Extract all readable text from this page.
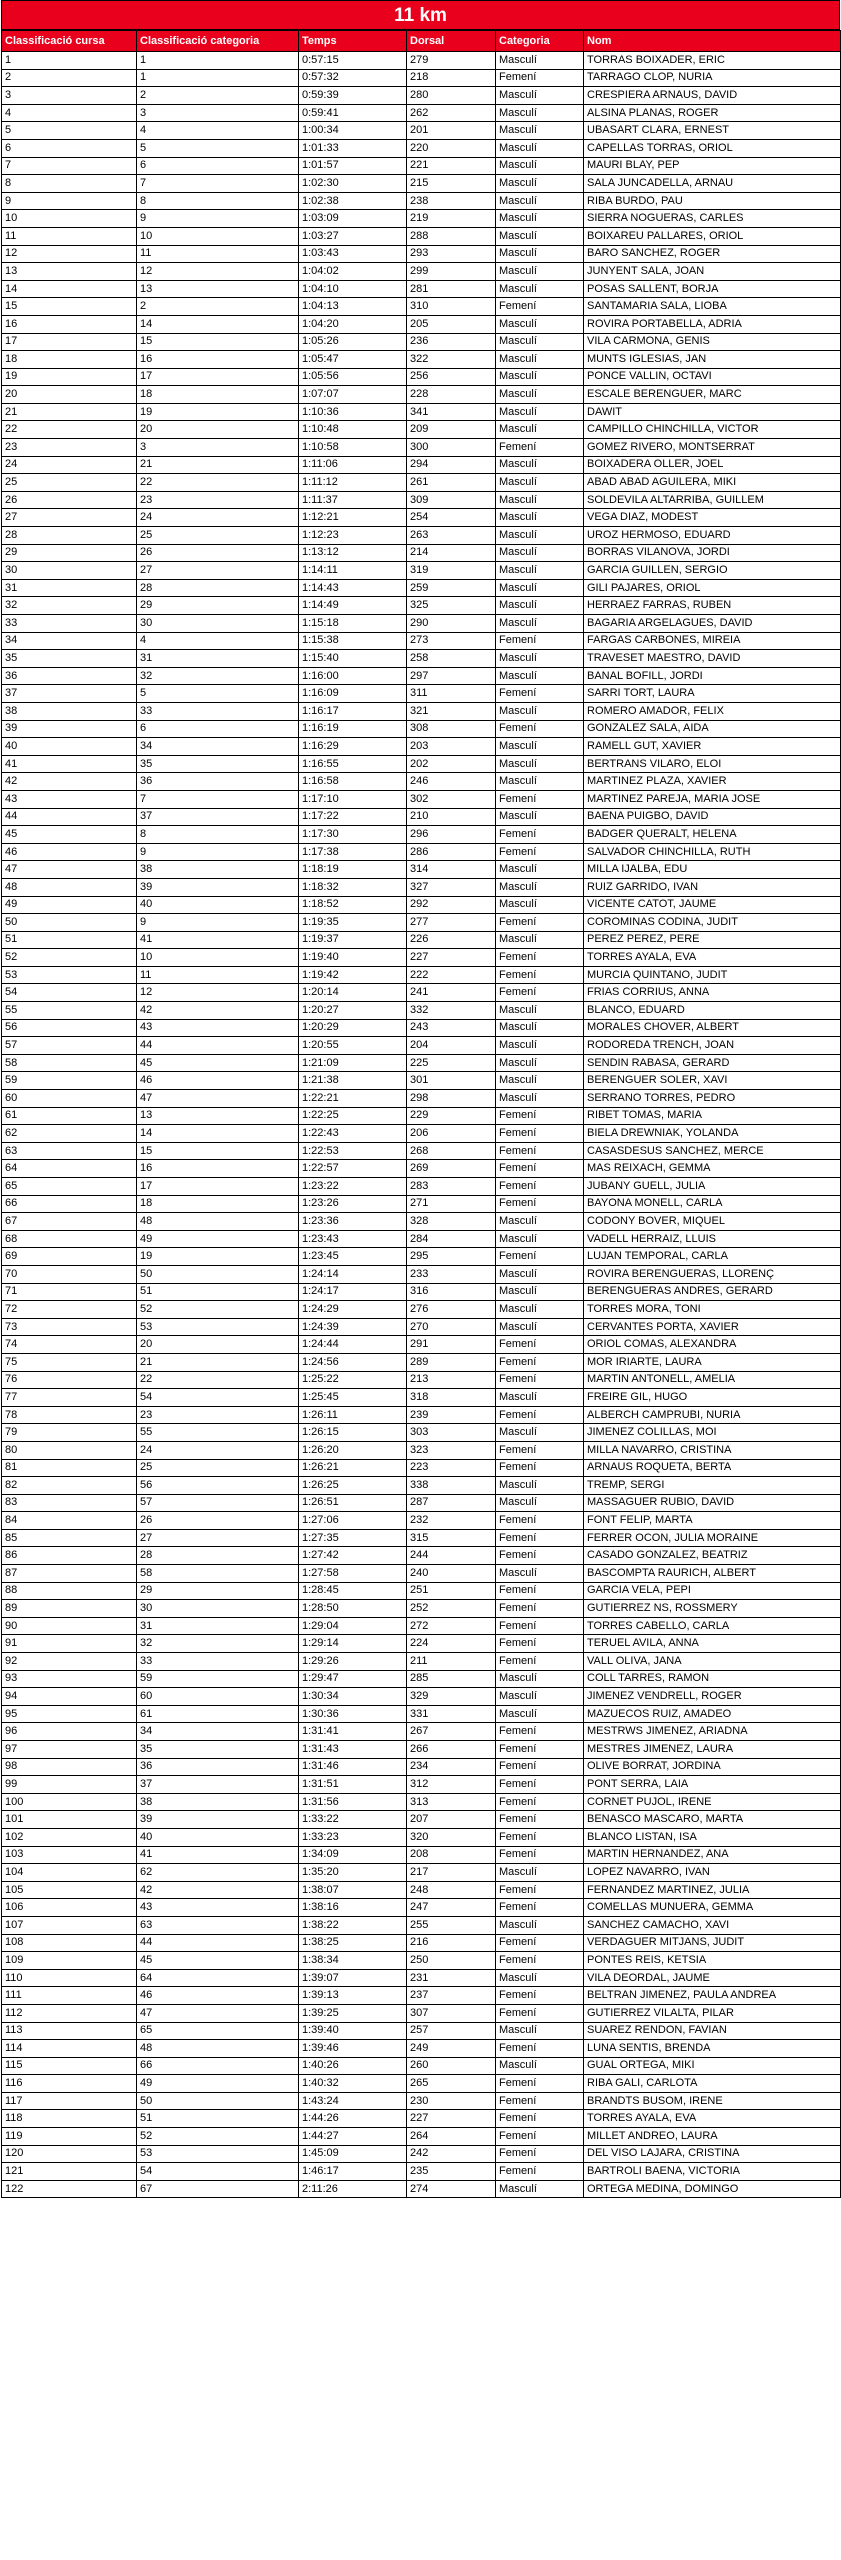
11 km
Classificació cursa	Classificació categoria	Temps	Dorsal	Categoria	Nom
1	1	0:57:15	279	Masculí	TORRAS BOIXADER, ERIC
2	1	0:57:32	218	Femení	TARRAGO CLOP, NURIA
3	2	0:59:39	280	Masculí	CRESPIERA ARNAUS, DAVID
4	3	0:59:41	262	Masculí	ALSINA PLANAS, ROGER
5	4	1:00:34	201	Masculí	UBASART CLARA, ERNEST
6	5	1:01:33	220	Masculí	CAPELLAS TORRAS, ORIOL
7	6	1:01:57	221	Masculí	MAURI BLAY, PEP
8	7	1:02:30	215	Masculí	SALA JUNCADELLA, ARNAU
9	8	1:02:38	238	Masculí	RIBA BURDO, PAU
10	9	1:03:09	219	Masculí	SIERRA NOGUERAS, CARLES
11	10	1:03:27	288	Masculí	BOIXAREU PALLARES, ORIOL
12	11	1:03:43	293	Masculí	BARO SANCHEZ, ROGER
13	12	1:04:02	299	Masculí	JUNYENT SALA, JOAN
14	13	1:04:10	281	Masculí	POSAS SALLENT, BORJA
15	2	1:04:13	310	Femení	SANTAMARIA SALA, LIOBA
16	14	1:04:20	205	Masculí	ROVIRA PORTABELLA, ADRIA
17	15	1:05:26	236	Masculí	VILA CARMONA, GENIS
18	16	1:05:47	322	Masculí	MUNTS IGLESIAS, JAN
19	17	1:05:56	256	Masculí	PONCE VALLIN, OCTAVI
20	18	1:07:07	228	Masculí	ESCALE BERENGUER, MARC
21	19	1:10:36	341	Masculí	DAWIT
22	20	1:10:48	209	Masculí	CAMPILLO CHINCHILLA, VICTOR
23	3	1:10:58	300	Femení	GOMEZ RIVERO, MONTSERRAT
24	21	1:11:06	294	Masculí	BOIXADERA OLLER, JOEL
25	22	1:11:12	261	Masculí	ABAD ABAD AGUILERA, MIKI
26	23	1:11:37	309	Masculí	SOLDEVILA ALTARRIBA, GUILLEM
27	24	1:12:21	254	Masculí	VEGA DIAZ, MODEST
28	25	1:12:23	263	Masculí	UROZ HERMOSO, EDUARD
29	26	1:13:12	214	Masculí	BORRAS VILANOVA, JORDI
30	27	1:14:11	319	Masculí	GARCIA GUILLEN, SERGIO
31	28	1:14:43	259	Masculí	GILI PAJARES, ORIOL
32	29	1:14:49	325	Masculí	HERRAEZ FARRAS, RUBEN
33	30	1:15:18	290	Masculí	BAGARIA ARGELAGUES, DAVID
34	4	1:15:38	273	Femení	FARGAS CARBONES, MIREIA
35	31	1:15:40	258	Masculí	TRAVESET MAESTRO, DAVID
36	32	1:16:00	297	Masculí	BANAL BOFILL, JORDI
37	5	1:16:09	311	Femení	SARRI TORT, LAURA
38	33	1:16:17	321	Masculí	ROMERO AMADOR, FELIX
39	6	1:16:19	308	Femení	GONZALEZ SALA, AIDA
40	34	1:16:29	203	Masculí	RAMELL GUT, XAVIER
41	35	1:16:55	202	Masculí	BERTRANS VILARO, ELOI
42	36	1:16:58	246	Masculí	MARTINEZ PLAZA, XAVIER
43	7	1:17:10	302	Femení	MARTINEZ PAREJA, MARIA JOSE
44	37	1:17:22	210	Masculí	BAENA PUIGBO, DAVID
45	8	1:17:30	296	Femení	BADGER QUERALT, HELENA
46	9	1:17:38	286	Femení	SALVADOR CHINCHILLA, RUTH
47	38	1:18:19	314	Masculí	MILLA IJALBA, EDU
48	39	1:18:32	327	Masculí	RUIZ GARRIDO, IVAN
49	40	1:18:52	292	Masculí	VICENTE CATOT, JAUME
50	9	1:19:35	277	Femení	COROMINAS CODINA, JUDIT
51	41	1:19:37	226	Masculí	PEREZ PEREZ, PERE
52	10	1:19:40	227	Femení	TORRES AYALA, EVA
53	11	1:19:42	222	Femení	MURCIA QUINTANO, JUDIT
54	12	1:20:14	241	Femení	FRIAS CORRIUS, ANNA
55	42	1:20:27	332	Masculí	BLANCO, EDUARD
56	43	1:20:29	243	Masculí	MORALES CHOVER, ALBERT
57	44	1:20:55	204	Masculí	RODOREDA TRENCH, JOAN
58	45	1:21:09	225	Masculí	SENDIN RABASA, GERARD
59	46	1:21:38	301	Masculí	BERENGUER SOLER, XAVI
60	47	1:22:21	298	Masculí	SERRANO TORRES, PEDRO
61	13	1:22:25	229	Femení	RIBET TOMAS, MARIA
62	14	1:22:43	206	Femení	BIELA DREWNIAK, YOLANDA
63	15	1:22:53	268	Femení	CASASDESUS SANCHEZ, MERCE
64	16	1:22:57	269	Femení	MAS REIXACH, GEMMA
65	17	1:23:22	283	Femení	JUBANY GUELL, JULIA
66	18	1:23:26	271	Femení	BAYONA MONELL, CARLA
67	48	1:23:36	328	Masculí	CODONY BOVER, MIQUEL
68	49	1:23:43	284	Masculí	VADELL HERRAIZ, LLUIS
69	19	1:23:45	295	Femení	LUJAN TEMPORAL, CARLA
70	50	1:24:14	233	Masculí	ROVIRA BERENGUERAS, LLORENÇ
71	51	1:24:17	316	Masculí	BERENGUERAS ANDRES, GERARD
72	52	1:24:29	276	Masculí	TORRES MORA, TONI
73	53	1:24:39	270	Masculí	CERVANTES PORTA, XAVIER
74	20	1:24:44	291	Femení	ORIOL COMAS, ALEXANDRA
75	21	1:24:56	289	Femení	MOR IRIARTE, LAURA
76	22	1:25:22	213	Femení	MARTIN ANTONELL, AMELIA
77	54	1:25:45	318	Masculí	FREIRE GIL, HUGO
78	23	1:26:11	239	Femení	ALBERCH CAMPRUBI, NURIA
79	55	1:26:15	303	Masculí	JIMENEZ COLILLAS, MOI
80	24	1:26:20	323	Femení	MILLA NAVARRO, CRISTINA
81	25	1:26:21	223	Femení	ARNAUS ROQUETA, BERTA
82	56	1:26:25	338	Masculí	TREMP, SERGI
83	57	1:26:51	287	Masculí	MASSAGUER RUBIO, DAVID
84	26	1:27:06	232	Femení	FONT FELIP, MARTA
85	27	1:27:35	315	Femení	FERRER OCON, JULIA MORAINE
86	28	1:27:42	244	Femení	CASADO GONZALEZ, BEATRIZ
87	58	1:27:58	240	Masculí	BASCOMPTA RAURICH, ALBERT
88	29	1:28:45	251	Femení	GARCIA VELA, PEPI
89	30	1:28:50	252	Femení	GUTIERREZ NS, ROSSMERY
90	31	1:29:04	272	Femení	TORRES CABELLO, CARLA
91	32	1:29:14	224	Femení	TERUEL AVILA, ANNA
92	33	1:29:26	211	Femení	VALL OLIVA, JANA
93	59	1:29:47	285	Masculí	COLL TARRES, RAMON
94	60	1:30:34	329	Masculí	JIMENEZ VENDRELL, ROGER
95	61	1:30:36	331	Masculí	MAZUECOS RUIZ, AMADEO
96	34	1:31:41	267	Femení	MESTRWS JIMENEZ, ARIADNA
97	35	1:31:43	266	Femení	MESTRES JIMENEZ, LAURA
98	36	1:31:46	234	Femení	OLIVE BORRAT, JORDINA
99	37	1:31:51	312	Femení	PONT SERRA, LAIA
100	38	1:31:56	313	Femení	CORNET PUJOL, IRENE
101	39	1:33:22	207	Femení	BENASCO MASCARO, MARTA
102	40	1:33:23	320	Femení	BLANCO LISTAN, ISA
103	41	1:34:09	208	Femení	MARTIN HERNANDEZ, ANA
104	62	1:35:20	217	Masculí	LOPEZ NAVARRO, IVAN
105	42	1:38:07	248	Femení	FERNANDEZ MARTINEZ, JULIA
106	43	1:38:16	247	Femení	COMELLAS MUNUERA, GEMMA
107	63	1:38:22	255	Masculí	SANCHEZ CAMACHO, XAVI
108	44	1:38:25	216	Femení	VERDAGUER MITJANS, JUDIT
109	45	1:38:34	250	Femení	PONTES REIS, KETSIA
110	64	1:39:07	231	Masculí	VILA DEORDAL, JAUME
111	46	1:39:13	237	Femení	BELTRAN JIMENEZ, PAULA ANDREA
112	47	1:39:25	307	Femení	GUTIERREZ VILALTA, PILAR
113	65	1:39:40	257	Masculí	SUAREZ RENDON, FAVIAN
114	48	1:39:46	249	Femení	LUNA SENTIS, BRENDA
115	66	1:40:26	260	Masculí	GUAL ORTEGA, MIKI
116	49	1:40:32	265	Femení	RIBA GALI, CARLOTA
117	50	1:43:24	230	Femení	BRANDTS BUSOM, IRENE
118	51	1:44:26	227	Femení	TORRES AYALA, EVA
119	52	1:44:27	264	Femení	MILLET ANDREO, LAURA
120	53	1:45:09	242	Femení	DEL VISO LAJARA, CRISTINA
121	54	1:46:17	235	Femení	BARTROLI BAENA, VICTORIA
122	67	2:11:26	274	Masculí	ORTEGA MEDINA, DOMINGO
